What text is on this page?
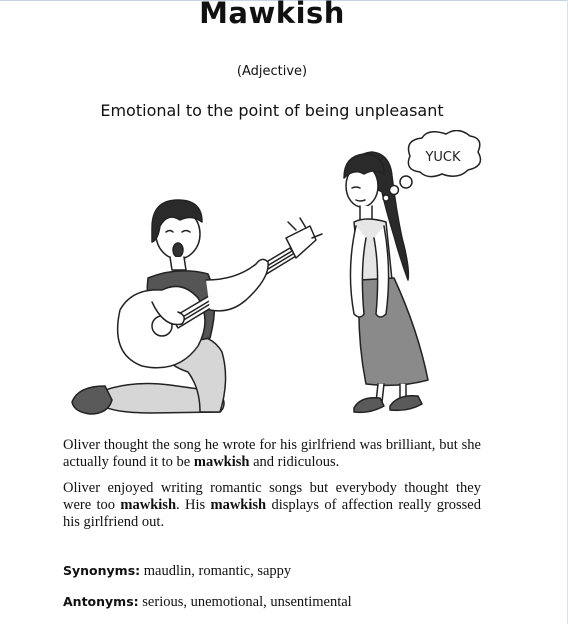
Mawkish
(Adjective)
Emotional to the point of being unpleasant
YUCK
Oliver thought the song he wrote for his girlfriend was brilliant, but she actually found it to be mawkish and ridiculous.
Oliver enjoyed writing romantic songs but everybody thought they were too mawkish. His mawkish displays of affection really grossed his girlfriend out.
Synonyms: maudlin, romantic, sappy
Antonyms: serious, unemotional, unsentimental
